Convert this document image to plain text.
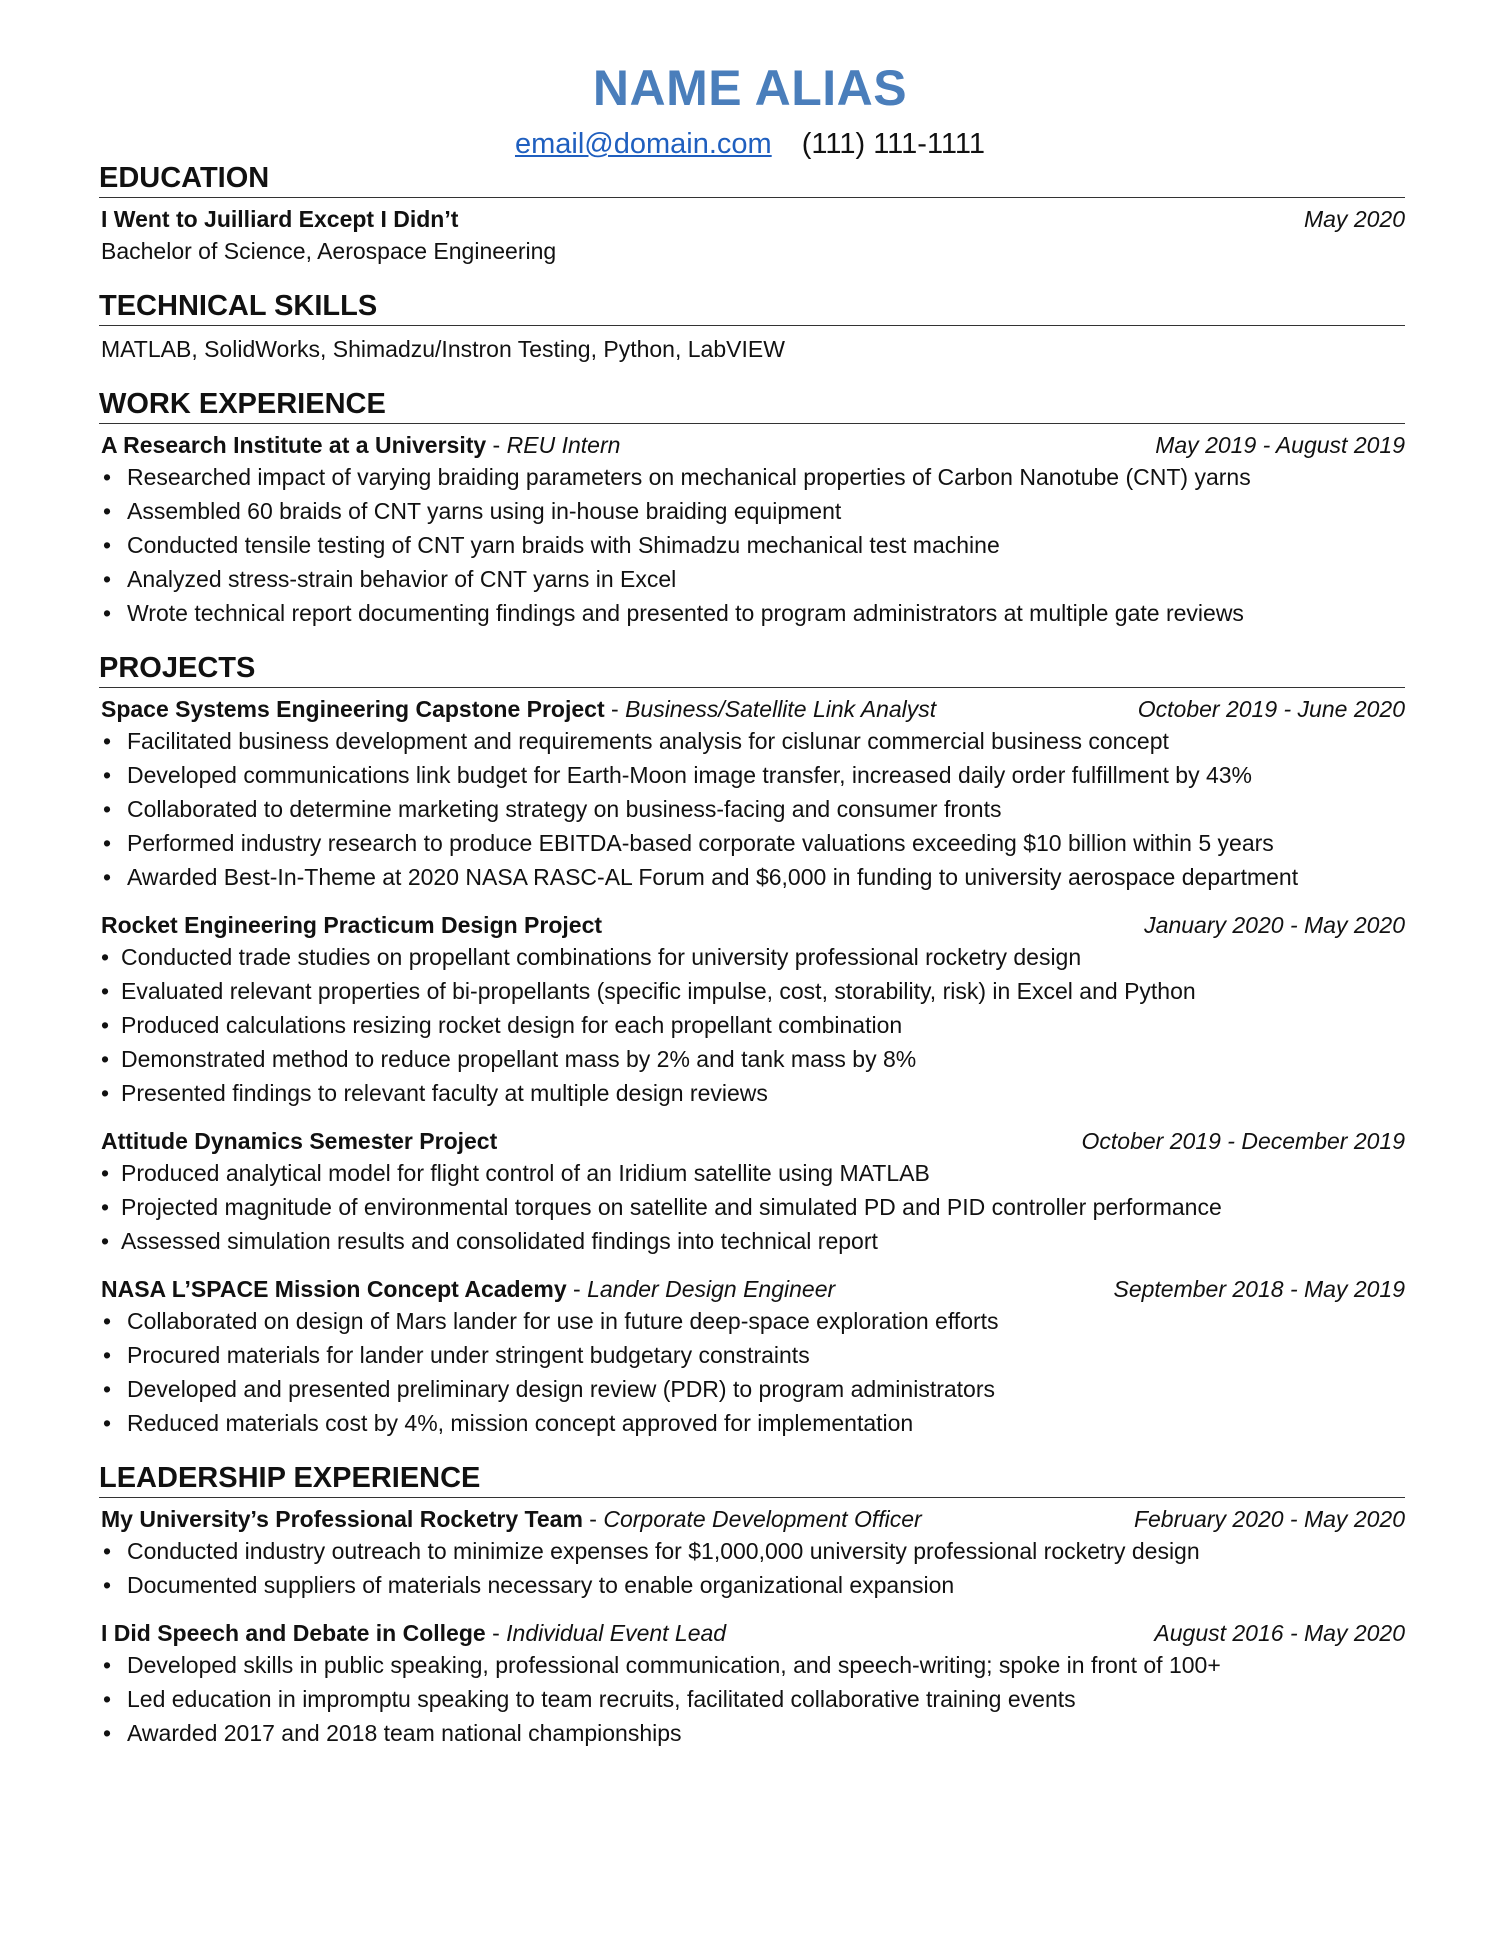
NAME ALIAS
email@domain.com (111) 111-1111
EDUCATION
I Went to Juilliard Except I Didn’t	May 2020
Bachelor of Science, Aerospace Engineering
TECHNICAL SKILLS
MATLAB, SolidWorks, Shimadzu/Instron Testing, Python, LabVIEW
WORK EXPERIENCE
A Research Institute at a University - REU Intern	May 2019 - August 2019
• Researched impact of varying braiding parameters on mechanical properties of Carbon Nanotube (CNT) yarns
• Assembled 60 braids of CNT yarns using in-house braiding equipment
• Conducted tensile testing of CNT yarn braids with Shimadzu mechanical test machine
• Analyzed stress-strain behavior of CNT yarns in Excel
• Wrote technical report documenting findings and presented to program administrators at multiple gate reviews
PROJECTS
Space Systems Engineering Capstone Project - Business/Satellite Link Analyst	October 2019 - June 2020
• Facilitated business development and requirements analysis for cislunar commercial business concept
• Developed communications link budget for Earth-Moon image transfer, increased daily order fulfillment by 43%
• Collaborated to determine marketing strategy on business-facing and consumer fronts
• Performed industry research to produce EBITDA-based corporate valuations exceeding $10 billion within 5 years
• Awarded Best-In-Theme at 2020 NASA RASC-AL Forum and $6,000 in funding to university aerospace department
Rocket Engineering Practicum Design Project	January 2020 - May 2020
• Conducted trade studies on propellant combinations for university professional rocketry design
• Evaluated relevant properties of bi-propellants (specific impulse, cost, storability, risk) in Excel and Python
• Produced calculations resizing rocket design for each propellant combination
• Demonstrated method to reduce propellant mass by 2% and tank mass by 8%
• Presented findings to relevant faculty at multiple design reviews
Attitude Dynamics Semester Project	October 2019 - December 2019
• Produced analytical model for flight control of an Iridium satellite using MATLAB
• Projected magnitude of environmental torques on satellite and simulated PD and PID controller performance
• Assessed simulation results and consolidated findings into technical report
NASA L’SPACE Mission Concept Academy - Lander Design Engineer	September 2018 - May 2019
• Collaborated on design of Mars lander for use in future deep-space exploration efforts
• Procured materials for lander under stringent budgetary constraints
• Developed and presented preliminary design review (PDR) to program administrators
• Reduced materials cost by 4%, mission concept approved for implementation
LEADERSHIP EXPERIENCE
My University’s Professional Rocketry Team - Corporate Development Officer	February 2020 - May 2020
• Conducted industry outreach to minimize expenses for $1,000,000 university professional rocketry design
• Documented suppliers of materials necessary to enable organizational expansion
I Did Speech and Debate in College - Individual Event Lead	August 2016 - May 2020
• Developed skills in public speaking, professional communication, and speech-writing; spoke in front of 100+
• Led education in impromptu speaking to team recruits, facilitated collaborative training events
• Awarded 2017 and 2018 team national championships
